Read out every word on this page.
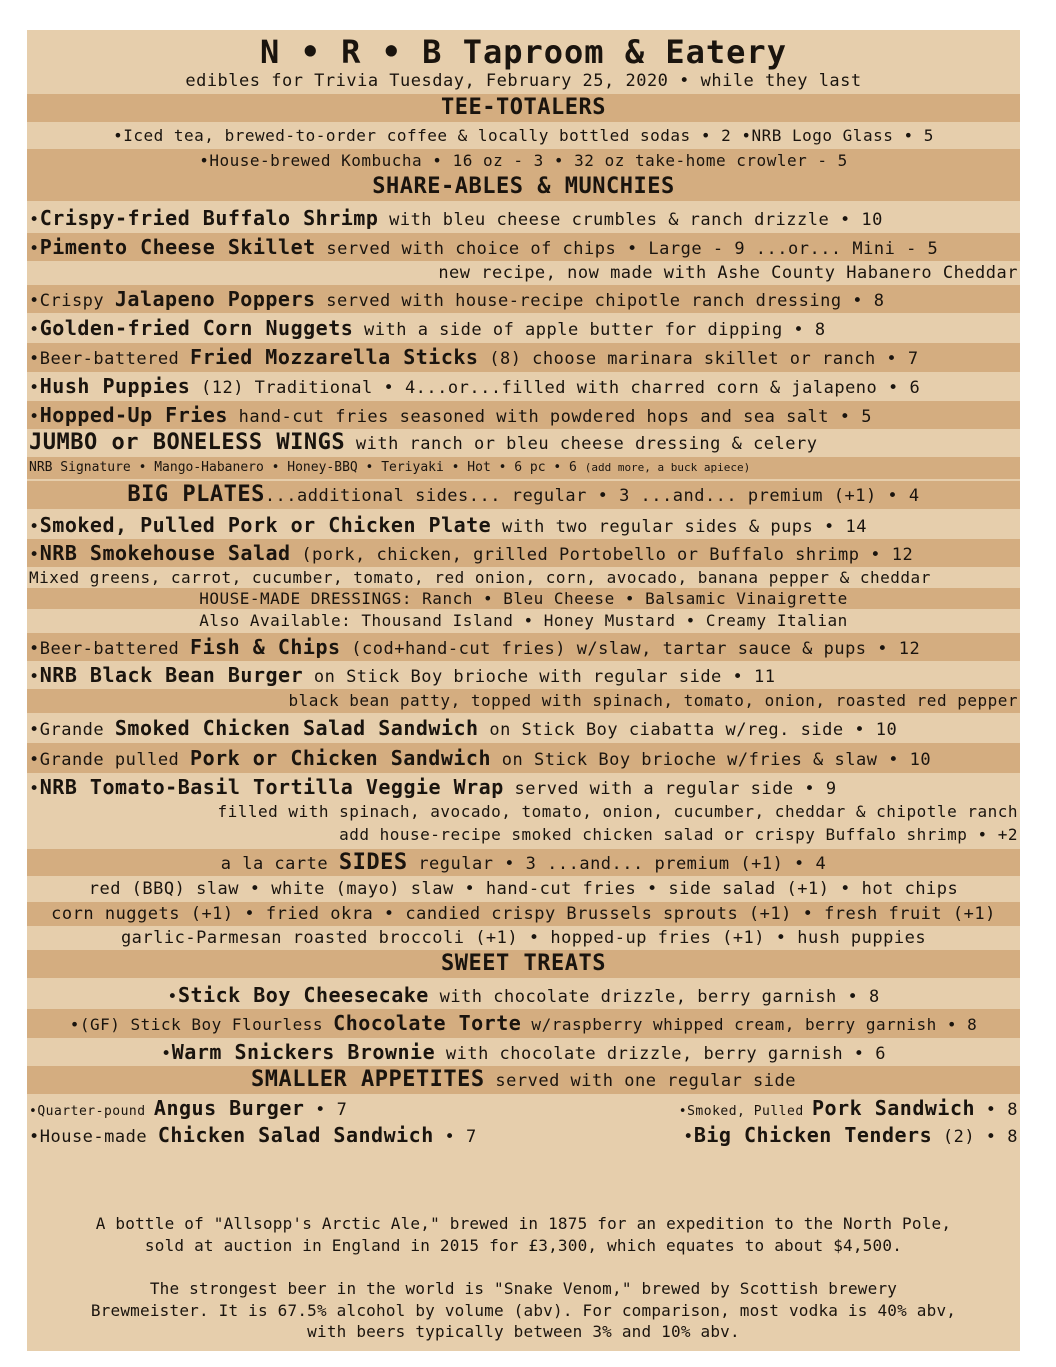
N • R • B Taproom & Eatery
edibles for Trivia Tuesday, February 25, 2020 • while they last
TEE-TOTALERS
•Iced tea, brewed-to-order coffee & locally bottled sodas • 2 •NRB Logo Glass • 5
•House-brewed Kombucha • 16 oz - 3 • 32 oz take-home crowler - 5
SHARE-ABLES & MUNCHIES
•Crispy-fried Buffalo Shrimp with bleu cheese crumbles & ranch drizzle • 10
•Pimento Cheese Skillet served with choice of chips • Large - 9 ...or... Mini - 5
new recipe, now made with Ashe County Habanero Cheddar
•Crispy Jalapeno Poppers served with house-recipe chipotle ranch dressing • 8
•Golden-fried Corn Nuggets with a side of apple butter for dipping • 8
•Beer-battered Fried Mozzarella Sticks (8) choose marinara skillet or ranch • 7
•Hush Puppies (12) Traditional • 4...or...filled with charred corn & jalapeno • 6
•Hopped-Up Fries hand-cut fries seasoned with powdered hops and sea salt • 5
JUMBO or BONELESS WINGS with ranch or bleu cheese dressing & celery
NRB Signature • Mango-Habanero • Honey-BBQ • Teriyaki • Hot • 6 pc • 6 (add more, a buck apiece)
BIG PLATES...additional sides... regular • 3 ...and... premium (+1) • 4
•Smoked, Pulled Pork or Chicken Plate with two regular sides & pups • 14
•NRB Smokehouse Salad (pork, chicken, grilled Portobello or Buffalo shrimp • 12
Mixed greens, carrot, cucumber, tomato, red onion, corn, avocado, banana pepper & cheddar
HOUSE-MADE DRESSINGS: Ranch • Bleu Cheese • Balsamic Vinaigrette
Also Available: Thousand Island • Honey Mustard • Creamy Italian
•Beer-battered Fish & Chips (cod+hand-cut fries) w/slaw, tartar sauce & pups • 12
•NRB Black Bean Burger on Stick Boy brioche with regular side • 11
black bean patty, topped with spinach, tomato, onion, roasted red pepper
•Grande Smoked Chicken Salad Sandwich on Stick Boy ciabatta w/reg. side • 10
•Grande pulled Pork or Chicken Sandwich on Stick Boy brioche w/fries & slaw • 10
•NRB Tomato-Basil Tortilla Veggie Wrap served with a regular side • 9
filled with spinach, avocado, tomato, onion, cucumber, cheddar & chipotle ranch
add house-recipe smoked chicken salad or crispy Buffalo shrimp • +2
a la carte SIDES regular • 3 ...and... premium (+1) • 4
red (BBQ) slaw • white (mayo) slaw • hand-cut fries • side salad (+1) • hot chips
corn nuggets (+1) • fried okra • candied crispy Brussels sprouts (+1) • fresh fruit (+1)
garlic-Parmesan roasted broccoli (+1) • hopped-up fries (+1) • hush puppies
SWEET TREATS
•Stick Boy Cheesecake with chocolate drizzle, berry garnish • 8
•(GF) Stick Boy Flourless Chocolate Torte w/raspberry whipped cream, berry garnish • 8
•Warm Snickers Brownie with chocolate drizzle, berry garnish • 6
SMALLER APPETITES served with one regular side
•Quarter-pound Angus Burger • 7	•Smoked, Pulled Pork Sandwich • 8
•House-made Chicken Salad Sandwich • 7	•Big Chicken Tenders (2) • 8
A bottle of "Allsopp's Arctic Ale," brewed in 1875 for an expedition to the North Pole,
sold at auction in England in 2015 for £3,300, which equates to about $4,500.
The strongest beer in the world is "Snake Venom," brewed by Scottish brewery
Brewmeister. It is 67.5% alcohol by volume (abv). For comparison, most vodka is 40% abv,
with beers typically between 3% and 10% abv.
